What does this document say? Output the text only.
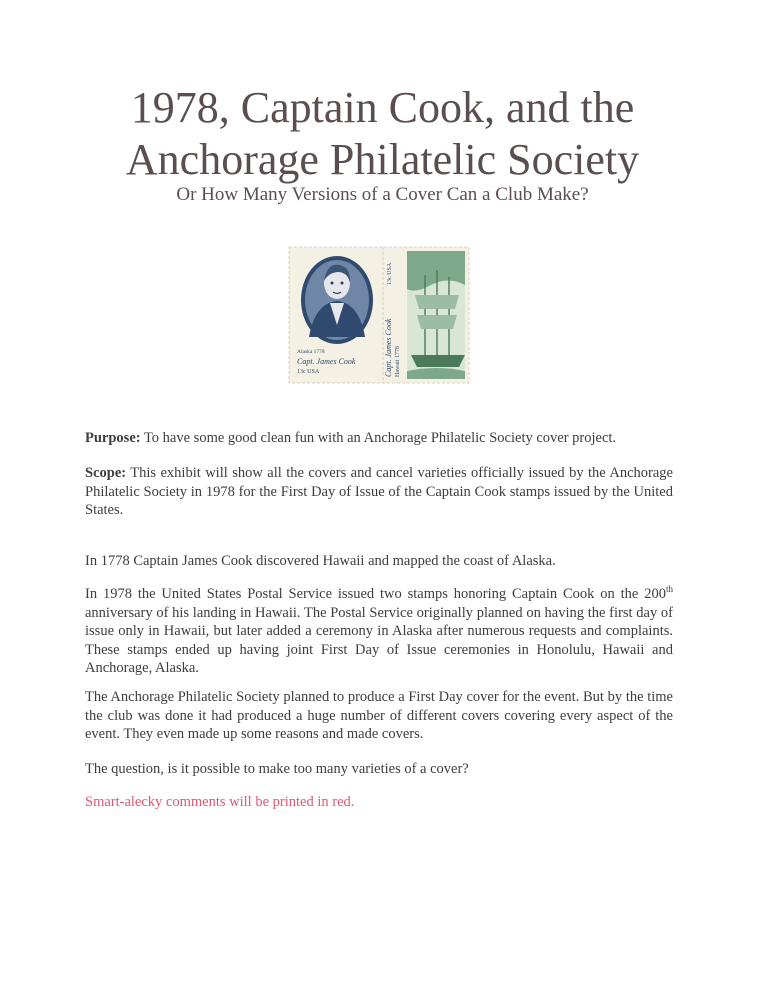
1978, Captain Cook, and the
Anchorage Philatelic Society
Or How Many Versions of a Cover Can a Club Make?
Alaska 1778
Capt. James Cook
13c USA	Hawaii 1778
Capt. James Cook
13c USA

Purpose: To have some good clean fun with an Anchorage Philatelic Society cover project.

Scope: This exhibit will show all the covers and cancel varieties officially issued by the Anchorage Philatelic Society in 1978 for the First Day of Issue of the Captain Cook stamps issued by the United States.

In 1778 Captain James Cook discovered Hawaii and mapped the coast of Alaska.

In 1978 the United States Postal Service issued two stamps honoring Captain Cook on the 200th anniversary of his landing in Hawaii. The Postal Service originally planned on having the first day of issue only in Hawaii, but later added a ceremony in Alaska after numerous requests and complaints. These stamps ended up having joint First Day of Issue ceremonies in Honolulu, Hawaii and Anchorage, Alaska.

The Anchorage Philatelic Society planned to produce a First Day cover for the event. But by the time the club was done it had produced a huge number of different covers covering every aspect of the event. They even made up some reasons and made covers.

The question, is it possible to make too many varieties of a cover?

Smart-alecky comments will be printed in red.
